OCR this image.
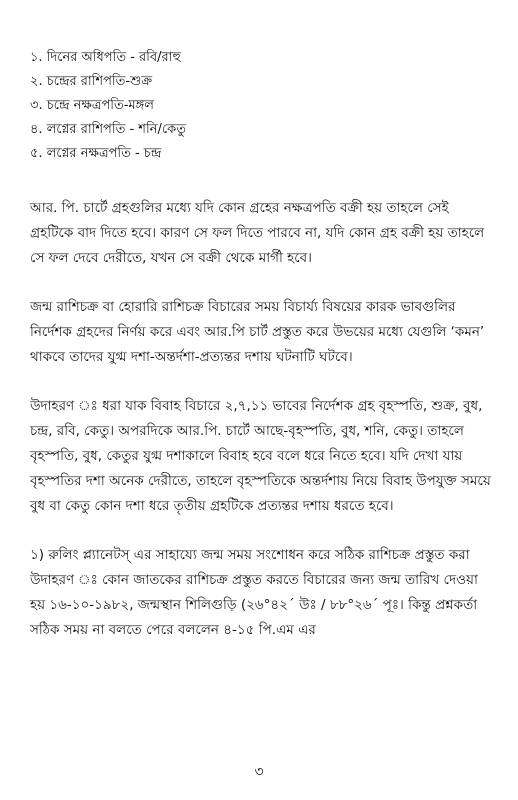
১. দিনের অধিপতি - রবি/রাহু
২. চন্দ্রের রাশিপতি-শুক্র
৩. চন্দ্রে নক্ষত্রপতি-মঙ্গল
৪. লগ্নের রাশিপতি - শনি/কেতু
৫. লগ্নের নক্ষত্রপতি - চন্দ্র

আর. পি. চার্টে গ্রহগুলির মধ্যে যদি কোন গ্রহের নক্ষত্রপতি বক্রী হয় তাহলে সেই গ্রহটিকে বাদ দিতে হবে। কারণ সে ফল দিতে পারবে না, যদি কোন গ্রহ বক্রী হয় তাহলে সে ফল দেবে দেরীতে, যখন সে বক্রী থেকে মার্গী হবে।

জন্ম রাশিচক্র বা হোরারি রাশিচক্র বিচারের সময় বিচার্য্য বিষয়ের কারক ভাবগুলির নির্দেশক গ্রহদের নির্ণয় করে এবং আর.পি চার্ট প্রস্তুত করে উভয়ের মধ্যে যেগুলি ‘কমন’ থাকবে তাদের যুগ্ম দশা-অন্তর্দশা-প্রত্যন্তর দশায় ঘটনাটি ঘটবে।

উদাহরণ ঃ ধরা যাক বিবাহ বিচারে ২,৭,১১ ভাবের নির্দেশক গ্রহ বৃহস্পতি, শুক্র, বুধ, চন্দ্র, রবি, কেতু। অপরদিকে আর.পি. চার্টে আছে-বৃহস্পতি, বুধ, শনি, কেতু। তাহলে বৃহস্পতি, বুধ, কেতুর যুগ্ম দশাকালে বিবাহ হবে বলে ধরে নিতে হবে। যদি দেখা যায় বৃহস্পতির দশা অনেক দেরীতে, তাহলে বৃহস্পতিকে অন্তর্দশায় নিয়ে বিবাহ উপযুক্ত সময়ে বুধ বা কেতু কোন দশা ধরে তৃতীয় গ্রহটিকে প্রত্যন্তর দশায় ধরতে হবে।

১) রুলিং প্ল্যানেটস্ এর সাহায্যে জন্ম সময় সংশোধন করে সঠিক রাশিচক্র প্রস্তুত করা

উদাহরণ ঃ কোন জাতকের রাশিচক্র প্রস্তুত করতে বিচারের জন্য জন্ম তারিখ দেওয়া হয় ১৬-১০-১৯৮২, জন্মস্থান শিলিগুড়ি (২৬°৪২´ উঃ / ৮৮°২৬´ পূঃ। কিন্তু প্রশ্নকর্তা সঠিক সময় না বলতে পেরে বললেন ৪-১৫ পি.এম এর

৩
